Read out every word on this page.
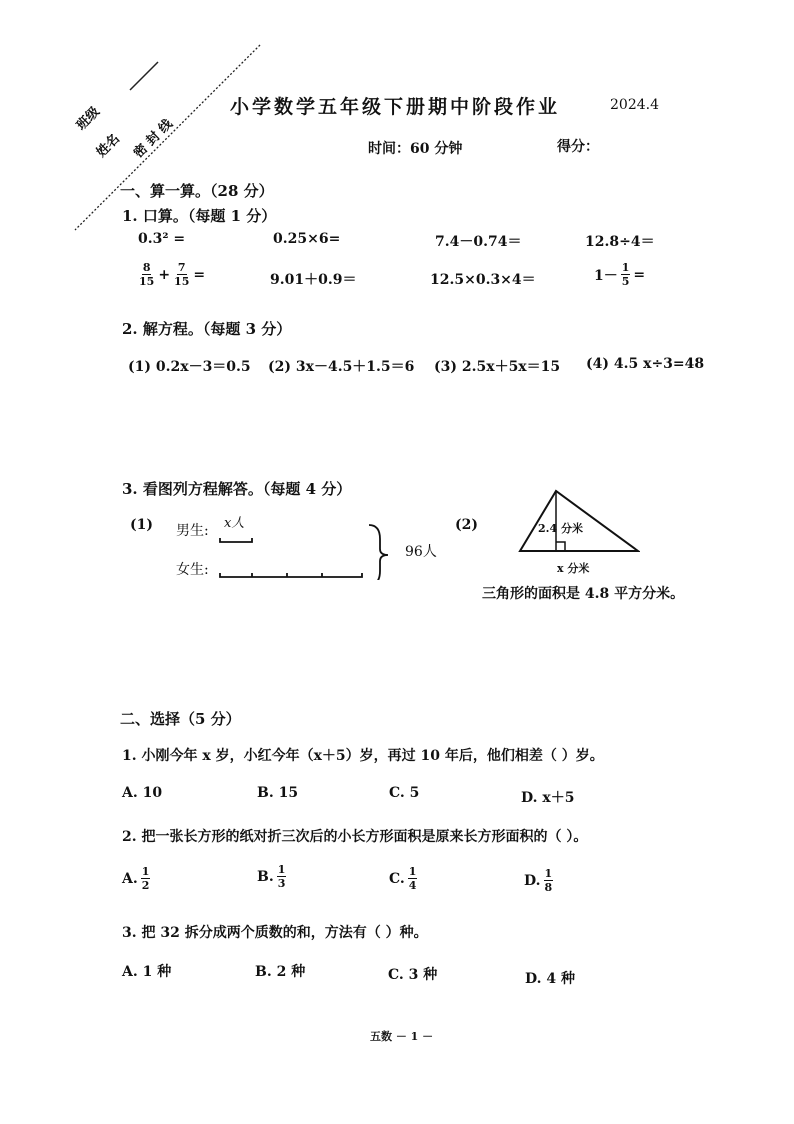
班级
姓名 密 封 线
小学数学五年级下册期中阶段作业	2024.4
时间：60 分钟	得分：
一、算一算。（28 分）
1. 口算。（每题 1 分）
0.3² =	0.25×6=	7.4－0.74＝	12.8÷4＝
$\frac{8}{15} + \frac{7}{15}$ =	9.01＋0.9＝	12.5×0.3×4＝	$1- \frac{1}{5}$ =
2. 解方程。（每题 3 分）
(1) 0.2x－3＝0.5 (2) 3x－4.5＋1.5＝6 (3) 2.5x＋5x＝15 (4) 4.5 x÷3=48
3. 看图列方程解答。（每题 4 分）
(1) 男生:
女生:
x人
96人
(2)	2.4 分米
x 分米
三角形的面积是 4.8 平方分米。
二、选择（5 分）
1. 小刚今年 x 岁，小红今年（x＋5）岁，再过 10 年后，他们相差（ ）岁。
A. 10	B. 15	C. 5	D. x＋5
2. 把一张长方形的纸对折三次后的小长方形面积是原来长方形面积的（ ）。
A. $\frac{1}{2}$	B. $\frac{1}{3}$	C. $\frac{1}{4}$	D. $\frac{1}{8}$
3. 把 32 拆分成两个质数的和，方法有（ ）种。
A. 1 种	B. 2 种	C. 3 种	D. 4 种
五数 － 1 －
